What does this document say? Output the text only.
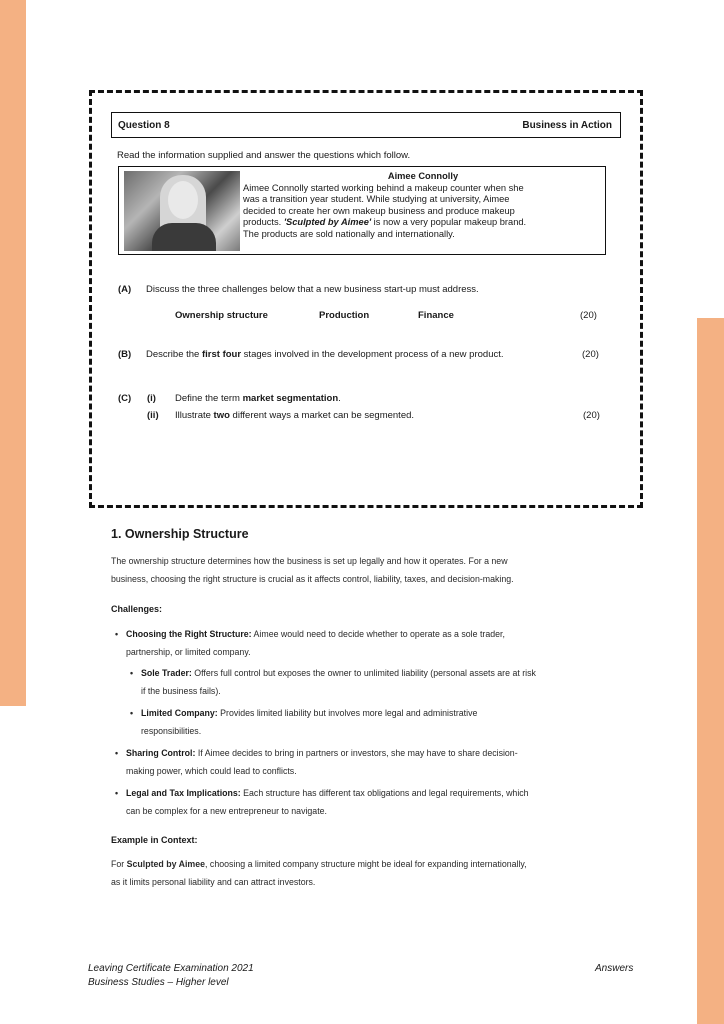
Question 8	Business in Action
Read the information supplied and answer the questions which follow.
Aimee Connolly
Aimee Connolly started working behind a makeup counter when she
was a transition year student. While studying at university, Aimee
decided to create her own makeup business and produce makeup
products. 'Sculpted by Aimee' is now a very popular makeup brand.
The products are sold nationally and internationally.
(A) Discuss the three challenges below that a new business start-up must address.
Ownership structure	Production	Finance	(20)
(B) Describe the first four stages involved in the development process of a new product.	(20)
(C) (i) Define the term market segmentation.
(ii) Illustrate two different ways a market can be segmented.	(20)
1. Ownership Structure
The ownership structure determines how the business is set up legally and how it operates. For a new
business, choosing the right structure is crucial as it affects control, liability, taxes, and decision-making.
Challenges:
• Choosing the Right Structure: Aimee would need to decide whether to operate as a sole trader,
partnership, or limited company.
• Sole Trader: Offers full control but exposes the owner to unlimited liability (personal assets are at risk
if the business fails).
• Limited Company: Provides limited liability but involves more legal and administrative
responsibilities.
• Sharing Control: If Aimee decides to bring in partners or investors, she may have to share decision-
making power, which could lead to conflicts.
• Legal and Tax Implications: Each structure has different tax obligations and legal requirements, which
can be complex for a new entrepreneur to navigate.
Example in Context:
For Sculpted by Aimee, choosing a limited company structure might be ideal for expanding internationally,
as it limits personal liability and can attract investors.
Leaving Certificate Examination 2021
Business Studies – Higher level
Answers
